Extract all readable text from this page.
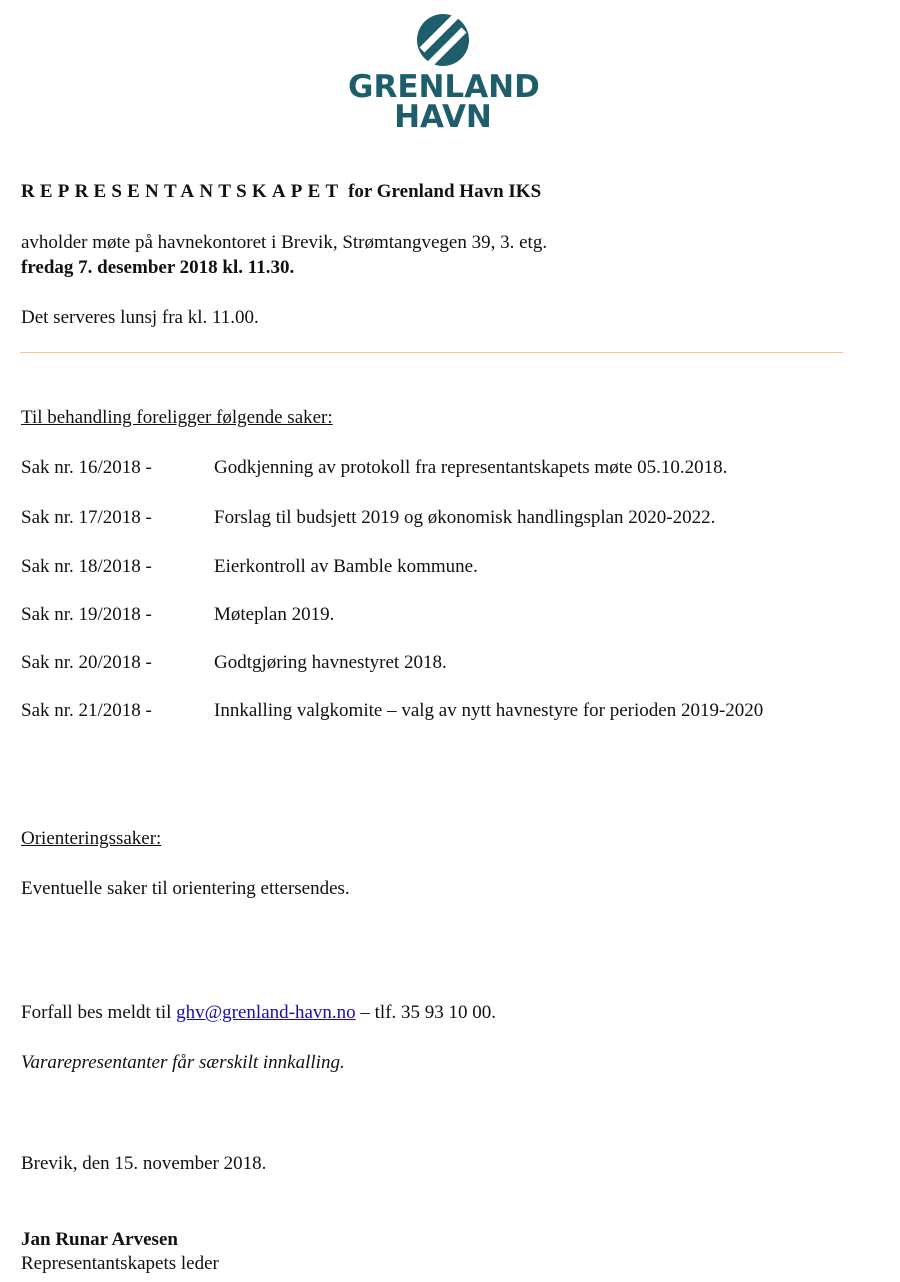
GRENLAND
HAVN
REPRESENTANTSKAPET for Grenland Havn IKS
avholder møte på havnekontoret i Brevik, Strømtangvegen 39, 3. etg.
fredag 7. desember 2018 kl. 11.30.
Det serveres lunsj fra kl. 11.00.
Til behandling foreligger følgende saker:
Sak nr. 16/2018 -	Godkjenning av protokoll fra representantskapets møte 05.10.2018.
Sak nr. 17/2018 -	Forslag til budsjett 2019 og økonomisk handlingsplan 2020-2022.
Sak nr. 18/2018 -	Eierkontroll av Bamble kommune.
Sak nr. 19/2018 -	Møteplan 2019.
Sak nr. 20/2018 -	Godtgjøring havnestyret 2018.
Sak nr. 21/2018 -	Innkalling valgkomite – valg av nytt havnestyre for perioden 2019-2020
Orienteringssaker:
Eventuelle saker til orientering ettersendes.
Forfall bes meldt til ghv@grenland-havn.no – tlf. 35 93 10 00.
Vararepresentanter får særskilt innkalling.
Brevik, den 15. november 2018.
Jan Runar Arvesen
Representantskapets leder
